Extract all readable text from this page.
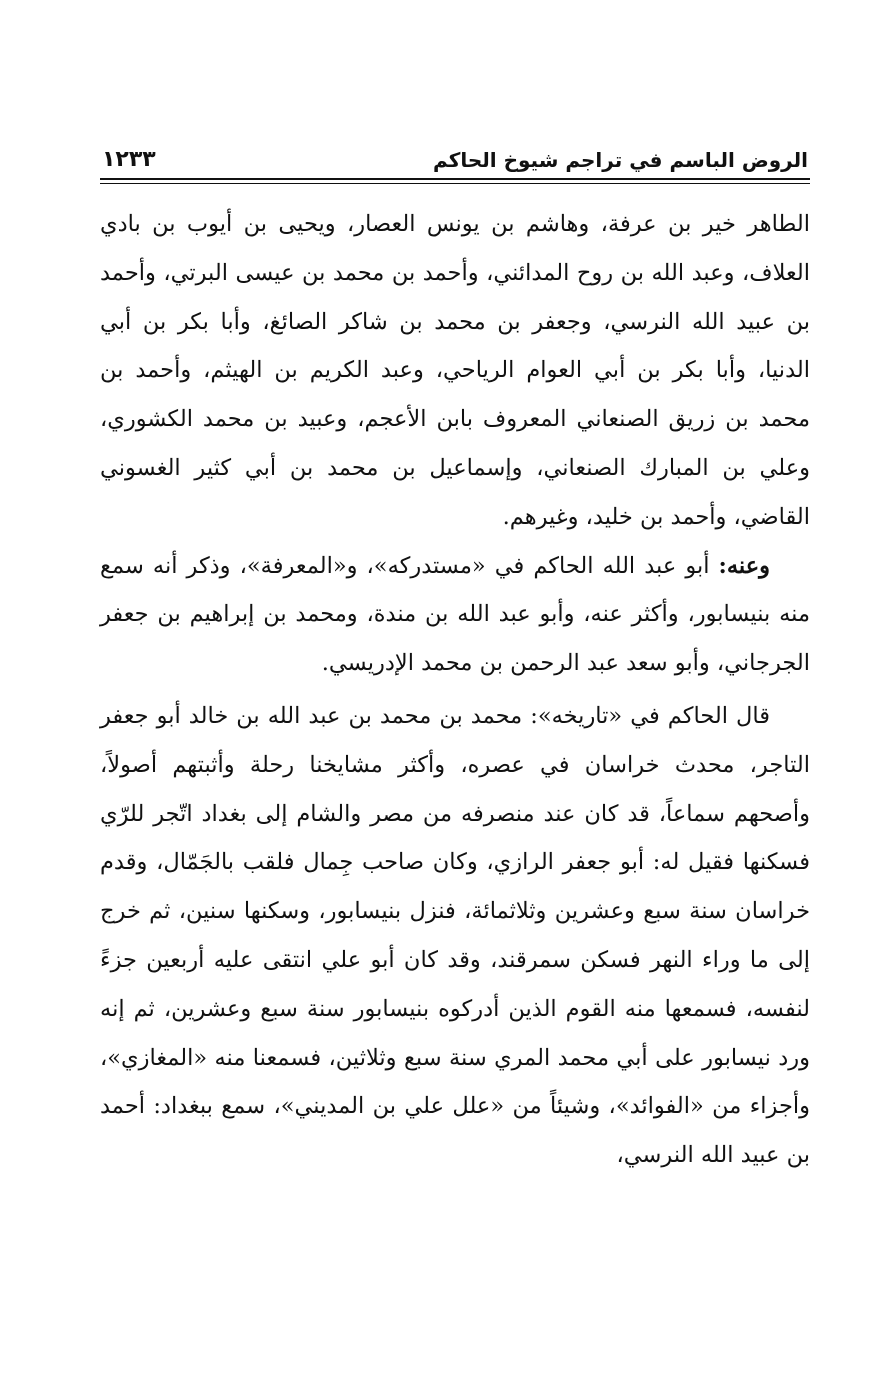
الروض الباسم في تراجم شيوخ الحاكم
١٢٣٣

الطاهر خير بن عرفة، وهاشم بن يونس العصار، ويحيى بن أيوب بن بادي العلاف، وعبد الله بن روح المدائني، وأحمد بن محمد بن عيسى البرتي، وأحمد بن عبيد الله النرسي، وجعفر بن محمد بن شاكر الصائغ، وأبا بكر بن أبي الدنيا، وأبا بكر بن أبي العوام الرياحي، وعبد الكريم بن الهيثم، وأحمد بن محمد بن زريق الصنعاني المعروف بابن الأعجم، وعبيد بن محمد الكشوري، وعلي بن المبارك الصنعاني، وإسماعيل بن محمد بن أبي كثير الغسوني القاضي، وأحمد بن خليد، وغيرهم.

وعنه: أبو عبد الله الحاكم في «مستدركه»، و«المعرفة»، وذكر أنه سمع منه بنيسابور، وأكثر عنه، وأبو عبد الله بن مندة، ومحمد بن إبراهيم بن جعفر الجرجاني، وأبو سعد عبد الرحمن بن محمد الإدريسي.

قال الحاكم في «تاريخه»: محمد بن محمد بن عبد الله بن خالد أبو جعفر التاجر، محدث خراسان في عصره، وأكثر مشايخنا رحلة وأثبتهم أصولاً، وأصحهم سماعاً، قد كان عند منصرفه من مصر والشام إلى بغداد اتّجر للرّي فسكنها فقيل له: أبو جعفر الرازي، وكان صاحب جِمال فلقب بالجَمّال، وقدم خراسان سنة سبع وعشرين وثلاثمائة، فنزل بنيسابور، وسكنها سنين، ثم خرج إلى ما وراء النهر فسكن سمرقند، وقد كان أبو علي انتقى عليه أربعين جزءً لنفسه، فسمعها منه القوم الذين أدركوه بنيسابور سنة سبع وعشرين، ثم إنه ورد نيسابور على أبي محمد المري سنة سبع وثلاثين، فسمعنا منه «المغازي»، وأجزاء من «الفوائد»، وشيئاً من «علل علي بن المديني»، سمع ببغداد: أحمد بن عبيد الله النرسي،
